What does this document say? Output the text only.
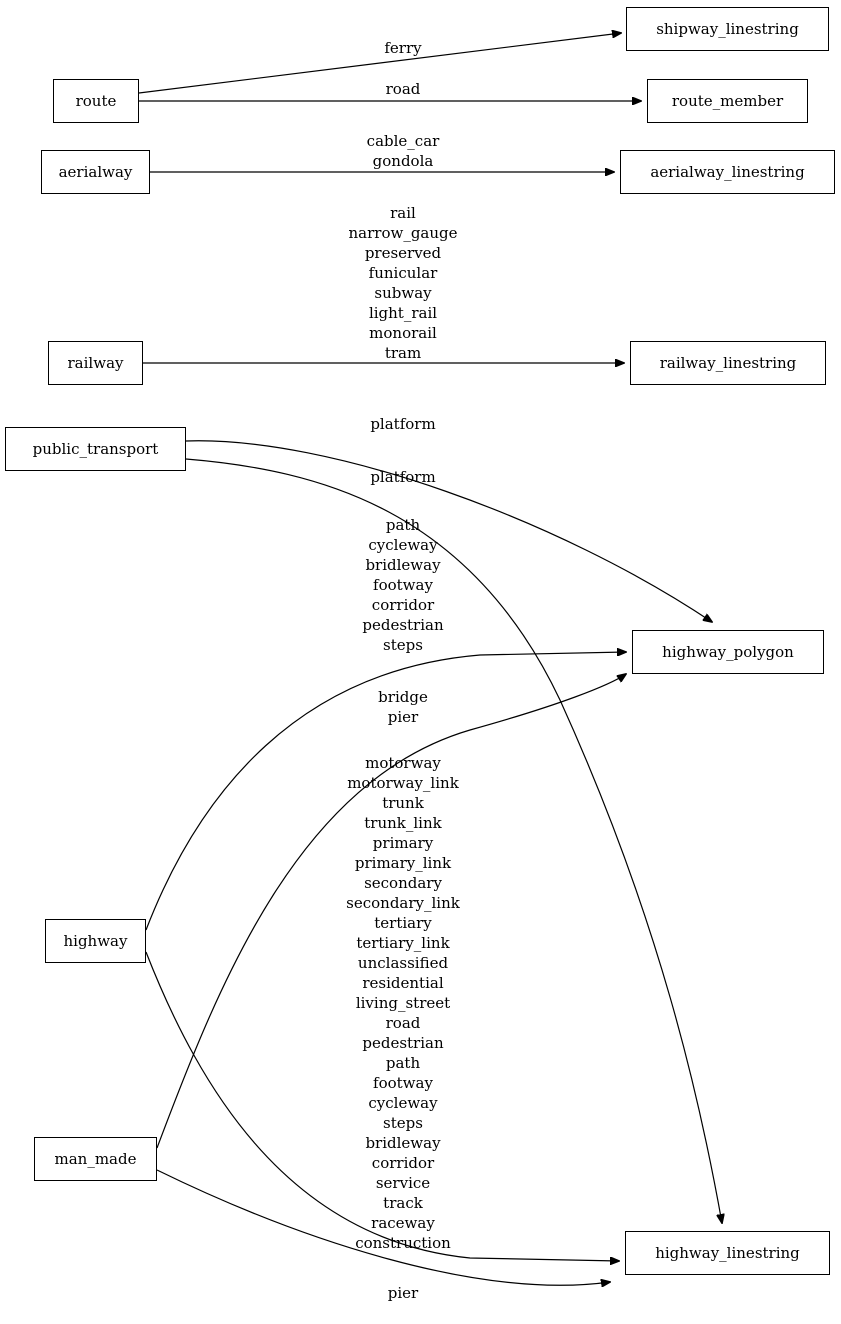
route
shipway_linestring
route_member
aerialway	aerialway_linestring
railway	railway_linestring
public_transport
highway_polygon
highway
man_made
highway_linestring
ferry
road
cable_car
gondola
rail
narrow_gauge
preserved
funicular
subway
light_rail
monorail
tram
platform
platform
path
cycleway
bridleway
footway
corridor
pedestrian
steps
bridge
pier
motorway
motorway_link
trunk
trunk_link
primary
primary_link
secondary
secondary_link
tertiary
tertiary_link
unclassified
residential
living_street
road
pedestrian
path
footway
cycleway
steps
bridleway
corridor
service
track
raceway
construction
pier
